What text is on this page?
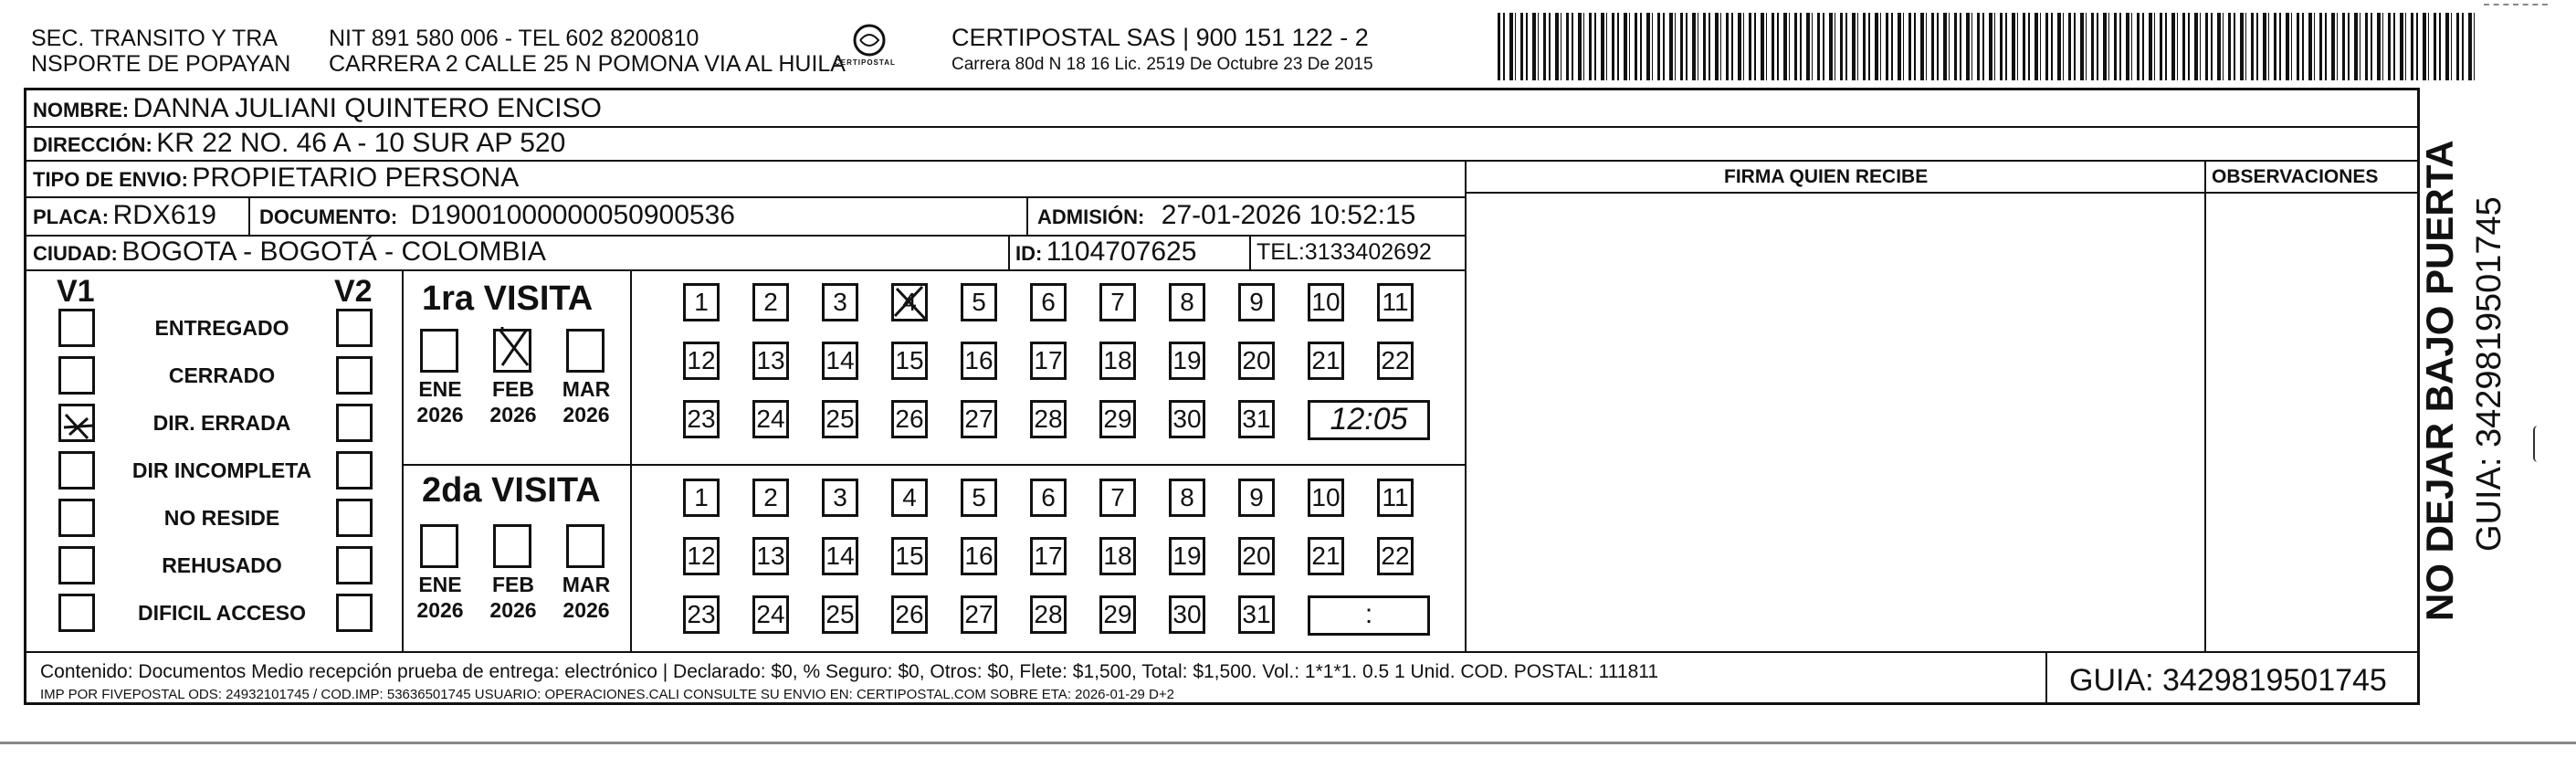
SEC. TRANSITO Y TRA
NSPORTE DE POPAYAN
NIT 891 580 006 - TEL 602 8200810
CARRERA 2 CALLE 25 N POMONA VIA AL HUILA
CERTIPOSTAL
CERTIPOSTAL SAS | 900 151 122 - 2
Carrera 80d N 18 16 Lic. 2519 De Octubre 23 De 2015
NOMBRE: DANNA JULIANI QUINTERO ENCISO
DIRECCIÓN: KR 22 NO. 46 A - 10 SUR AP 520
TIPO DE ENVIO: PROPIETARIO PERSONA	FIRMA QUIEN RECIBE	OBSERVACIONES
PLACA: RDX619 DOCUMENTO: D19001000000050900536	ADMISIÓN: 27-01-2026 10:52:15
CIUDAD: BOGOTA - BOGOTÁ - COLOMBIA	ID: 1104707625	TEL:3133402692
V1	V2
ENTREGADO
CERRADO
DIR. ERRADA
DIR INCOMPLETA
NO RESIDE
REHUSADO
DIFICIL ACCESO
1ra VISITA
2da VISITA
ENE
2026
FEB
2026
MAR
2026
1	2	3	4	5	6	7	8	9	10 11
12 13 14 15 16 17 18 19 20 21 22
23 24 25 26 27 28 29 30 31	12:05
ENE
2026
FEB
2026
MAR
2026
1	2	3	4	5	6	7	8	9	10 11
12 13 14 15 16 17 18 19 20 21 22
23 24 25 26 27 28 29 30 31	:
Contenido: Documentos Medio recepción prueba de entrega: electrónico | Declarado: $0, % Seguro: $0, Otros: $0, Flete: $1,500, Total: $1,500. Vol.: 1*1*1. 0.5 1 Unid. COD. POSTAL: 111811
IMP POR FIVEPOSTAL ODS: 24932101745 / COD.IMP: 53636501745 USUARIO: OPERACIONES.CALI CONSULTE SU ENVIO EN: CERTIPOSTAL.COM SOBRE ETA: 2026-01-29 D+2	GUIA: 3429819501745
NO DEJAR BAJO PUERTA GUIA: 3429819501745
